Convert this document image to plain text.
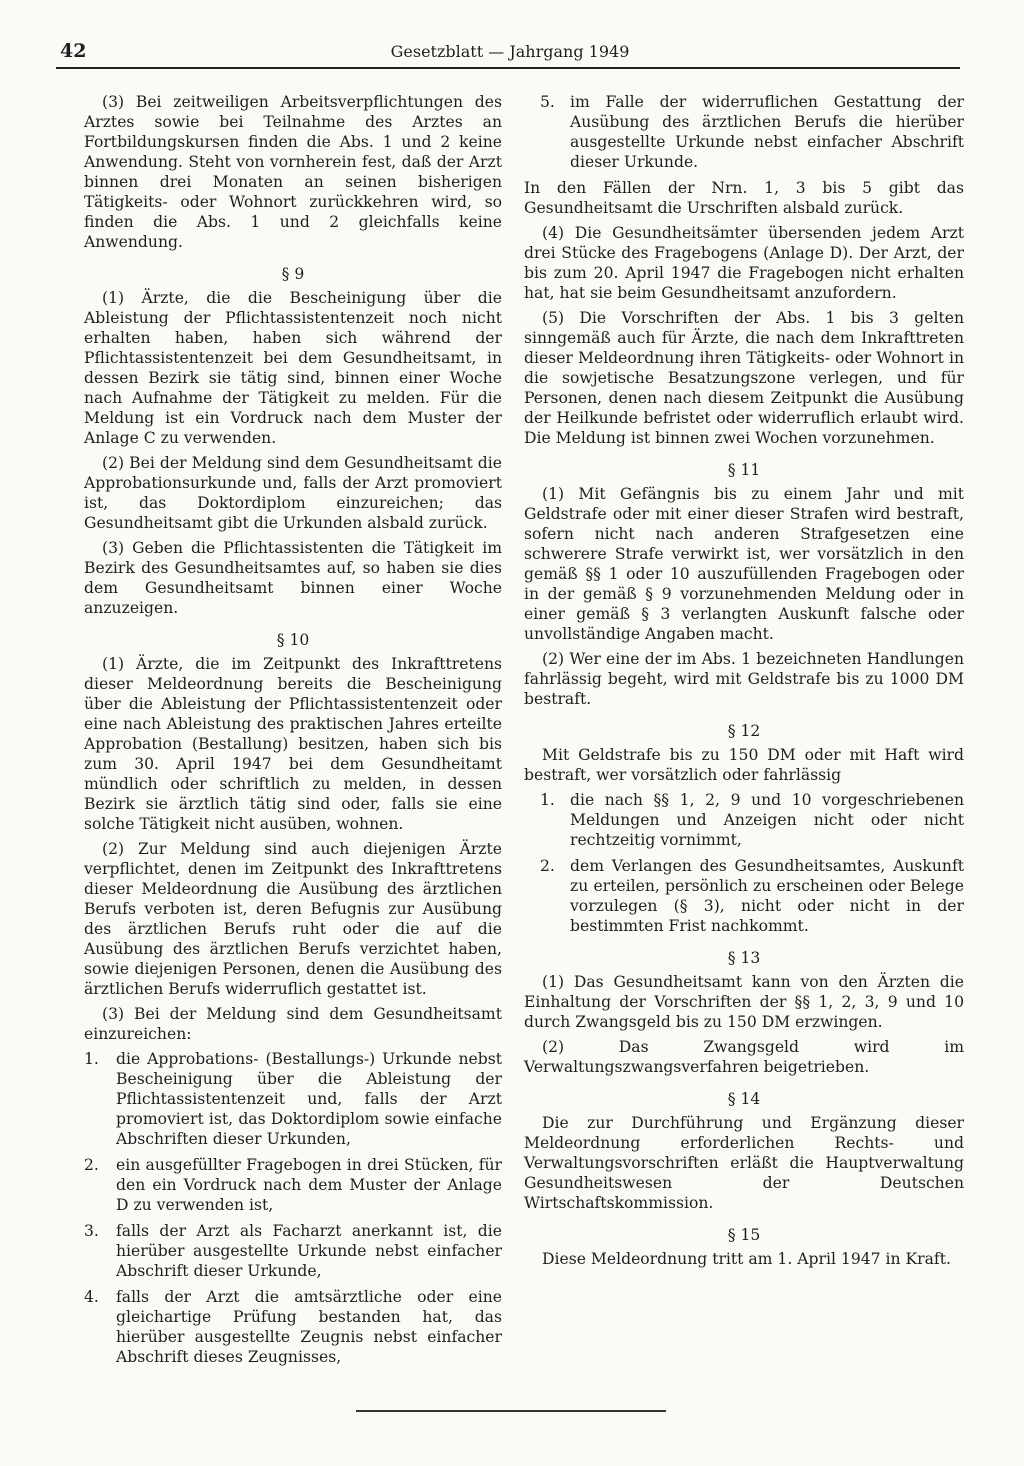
42	Gesetzblatt — Jahrgang 1949

(3) Bei zeitweiligen Arbeitsverpflichtungen des Arztes sowie bei Teilnahme des Arztes an Fortbildungskursen finden die Abs. 1 und 2 keine Anwendung. Steht von vornherein fest, daß der Arzt binnen drei Monaten an seinen bisherigen Tätigkeits- oder Wohnort zurückkehren wird, so finden die Abs. 1 und 2 gleichfalls keine Anwendung.

§ 9

(1) Ärzte, die die Bescheinigung über die Ableistung der Pflichtassistentenzeit noch nicht erhalten haben, haben sich während der Pflichtassistentenzeit bei dem Gesundheitsamt, in dessen Bezirk sie tätig sind, binnen einer Woche nach Aufnahme der Tätigkeit zu melden. Für die Meldung ist ein Vordruck nach dem Muster der Anlage C zu verwenden.

(2) Bei der Meldung sind dem Gesundheitsamt die Approbationsurkunde und, falls der Arzt promoviert ist, das Doktordiplom einzureichen; das Gesundheitsamt gibt die Urkunden alsbald zurück.

(3) Geben die Pflichtassistenten die Tätigkeit im Bezirk des Gesundheitsamtes auf, so haben sie dies dem Gesundheitsamt binnen einer Woche anzuzeigen.

§ 10

(1) Ärzte, die im Zeitpunkt des Inkrafttretens dieser Meldeordnung bereits die Bescheinigung über die Ableistung der Pflichtassistentenzeit oder eine nach Ableistung des praktischen Jahres erteilte Approbation (Bestallung) besitzen, haben sich bis zum 30. April 1947 bei dem Gesundheitamt mündlich oder schriftlich zu melden, in dessen Bezirk sie ärztlich tätig sind oder, falls sie eine solche Tätigkeit nicht ausüben, wohnen.

(2) Zur Meldung sind auch diejenigen Ärzte verpflichtet, denen im Zeitpunkt des Inkrafttretens dieser Meldeordnung die Ausübung des ärztlichen Berufs verboten ist, deren Befugnis zur Ausübung des ärztlichen Berufs ruht oder die auf die Ausübung des ärztlichen Berufs verzichtet haben, sowie diejenigen Personen, denen die Ausübung des ärztlichen Berufs widerruflich gestattet ist.

(3) Bei der Meldung sind dem Gesundheitsamt einzureichen:

1.	die Approbations- (Bestallungs-) Urkunde nebst Bescheinigung über die Ableistung der Pflichtassistentenzeit und, falls der Arzt promoviert ist, das Doktordiplom sowie einfache Abschriften dieser Urkunden,
2.	ein ausgefüllter Fragebogen in drei Stücken, für den ein Vordruck nach dem Muster der Anlage D zu verwenden ist,
3.	falls der Arzt als Facharzt anerkannt ist, die hierüber ausgestellte Urkunde nebst einfacher Abschrift dieser Urkunde,
4.	falls der Arzt die amtsärztliche oder eine gleichartige Prüfung bestanden hat, das hierüber ausgestellte Zeugnis nebst einfacher Abschrift dieses Zeugnisses,
5. im Falle der widerruflichen Gestattung der Ausübung des ärztlichen Berufs die hierüber ausgestellte Urkunde nebst einfacher Abschrift dieser Urkunde.

In den Fällen der Nrn. 1, 3 bis 5 gibt das Gesundheitsamt die Urschriften alsbald zurück.

(4) Die Gesundheitsämter übersenden jedem Arzt drei Stücke des Fragebogens (Anlage D). Der Arzt, der bis zum 20. April 1947 die Fragebogen nicht erhalten hat, hat sie beim Gesundheitsamt anzufordern.

(5) Die Vorschriften der Abs. 1 bis 3 gelten sinngemäß auch für Ärzte, die nach dem Inkrafttreten dieser Meldeordnung ihren Tätigkeits- oder Wohnort in die sowjetische Besatzungszone verlegen, und für Personen, denen nach diesem Zeitpunkt die Ausübung der Heilkunde befristet oder widerruflich erlaubt wird. Die Meldung ist binnen zwei Wochen vorzunehmen.

§ 11

(1) Mit Gefängnis bis zu einem Jahr und mit Geldstrafe oder mit einer dieser Strafen wird bestraft, sofern nicht nach anderen Strafgesetzen eine schwerere Strafe verwirkt ist, wer vorsätzlich in den gemäß §§ 1 oder 10 auszufüllenden Fragebogen oder in der gemäß § 9 vorzunehmenden Meldung oder in einer gemäß § 3 verlangten Auskunft falsche oder unvollständige Angaben macht.

(2) Wer eine der im Abs. 1 bezeichneten Handlungen fahrlässig begeht, wird mit Geldstrafe bis zu 1000 DM bestraft.

§ 12

Mit Geldstrafe bis zu 150 DM oder mit Haft wird bestraft, wer vorsätzlich oder fahrlässig

1. die nach §§ 1, 2, 9 und 10 vorgeschriebenen Meldungen und Anzeigen nicht oder nicht rechtzeitig vornimmt,
2. dem Verlangen des Gesundheitsamtes, Auskunft zu erteilen, persönlich zu erscheinen oder Belege vorzulegen (§ 3), nicht oder nicht in der bestimmten Frist nachkommt.
§ 13

(1) Das Gesundheitsamt kann von den Ärzten die Einhaltung der Vorschriften der §§ 1, 2, 3, 9 und 10 durch Zwangsgeld bis zu 150 DM erzwingen.

(2) Das Zwangsgeld wird im Verwaltungszwangsverfahren beigetrieben.

§ 14

Die zur Durchführung und Ergänzung dieser Meldeordnung erforderlichen Rechts- und Verwaltungsvorschriften erläßt die Hauptverwaltung Gesundheitswesen der Deutschen Wirtschaftskommission.

§ 15

Diese Meldeordnung tritt am 1. April 1947 in Kraft.
